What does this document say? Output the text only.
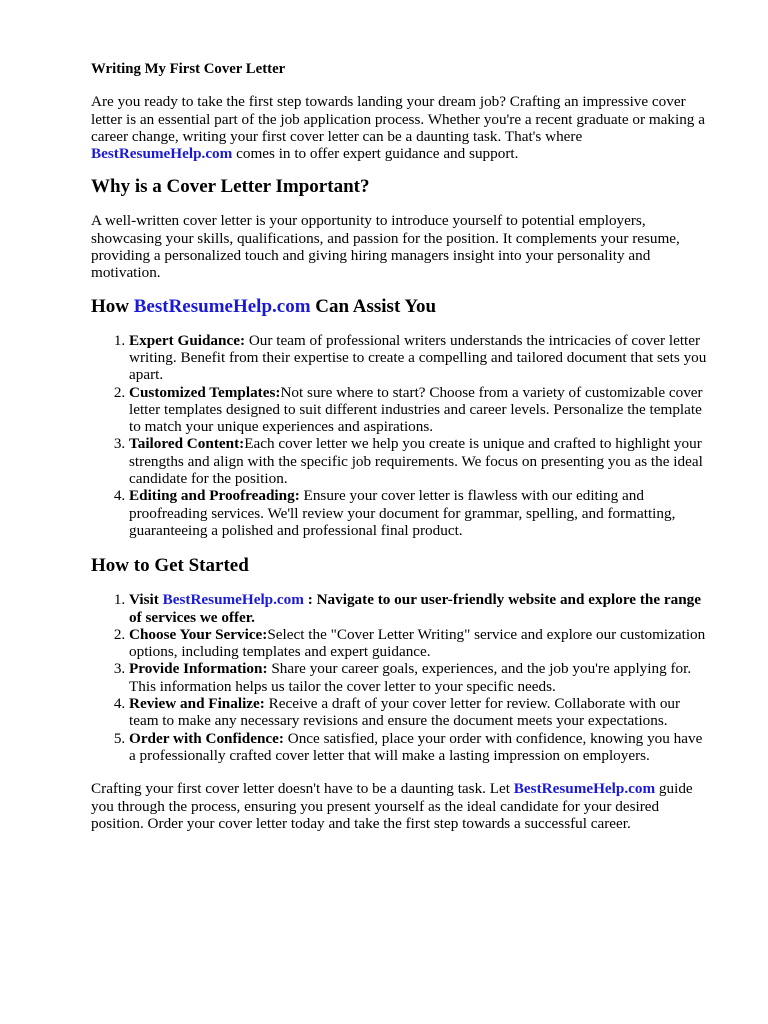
Writing My First Cover Letter

Are you ready to take the first step towards landing your dream job? Crafting an impressive cover letter is an essential part of the job application process. Whether you're a recent graduate or making a career change, writing your first cover letter can be a daunting task. That's where BestResumeHelp.com comes in to offer expert guidance and support.

Why is a Cover Letter Important?

A well-written cover letter is your opportunity to introduce yourself to potential employers, showcasing your skills, qualifications, and passion for the position. It complements your resume, providing a personalized touch and giving hiring managers insight into your personality and motivation.

How BestResumeHelp.com Can Assist You
1. Expert Guidance: Our team of professional writers understands the intricacies of cover letter writing. Benefit from their expertise to create a compelling and tailored document that sets you apart.
2. Customized Templates:Not sure where to start? Choose from a variety of customizable cover letter templates designed to suit different industries and career levels. Personalize the template to match your unique experiences and aspirations.
3. Tailored Content:Each cover letter we help you create is unique and crafted to highlight your strengths and align with the specific job requirements. We focus on presenting you as the ideal candidate for the position.
4. Editing and Proofreading: Ensure your cover letter is flawless with our editing and proofreading services. We'll review your document for grammar, spelling, and formatting, guaranteeing a polished and professional final product.
How to Get Started
1. Visit BestResumeHelp.com : Navigate to our user-friendly website and explore the range of services we offer.
2. Choose Your Service:Select the "Cover Letter Writing" service and explore our customization options, including templates and expert guidance.
3. Provide Information: Share your career goals, experiences, and the job you're applying for. This information helps us tailor the cover letter to your specific needs.
4. Review and Finalize: Receive a draft of your cover letter for review. Collaborate with our team to make any necessary revisions and ensure the document meets your expectations.
5. Order with Confidence: Once satisfied, place your order with confidence, knowing you have a professionally crafted cover letter that will make a lasting impression on employers.

Crafting your first cover letter doesn't have to be a daunting task. Let BestResumeHelp.com guide you through the process, ensuring you present yourself as the ideal candidate for your desired position. Order your cover letter today and take the first step towards a successful career.
